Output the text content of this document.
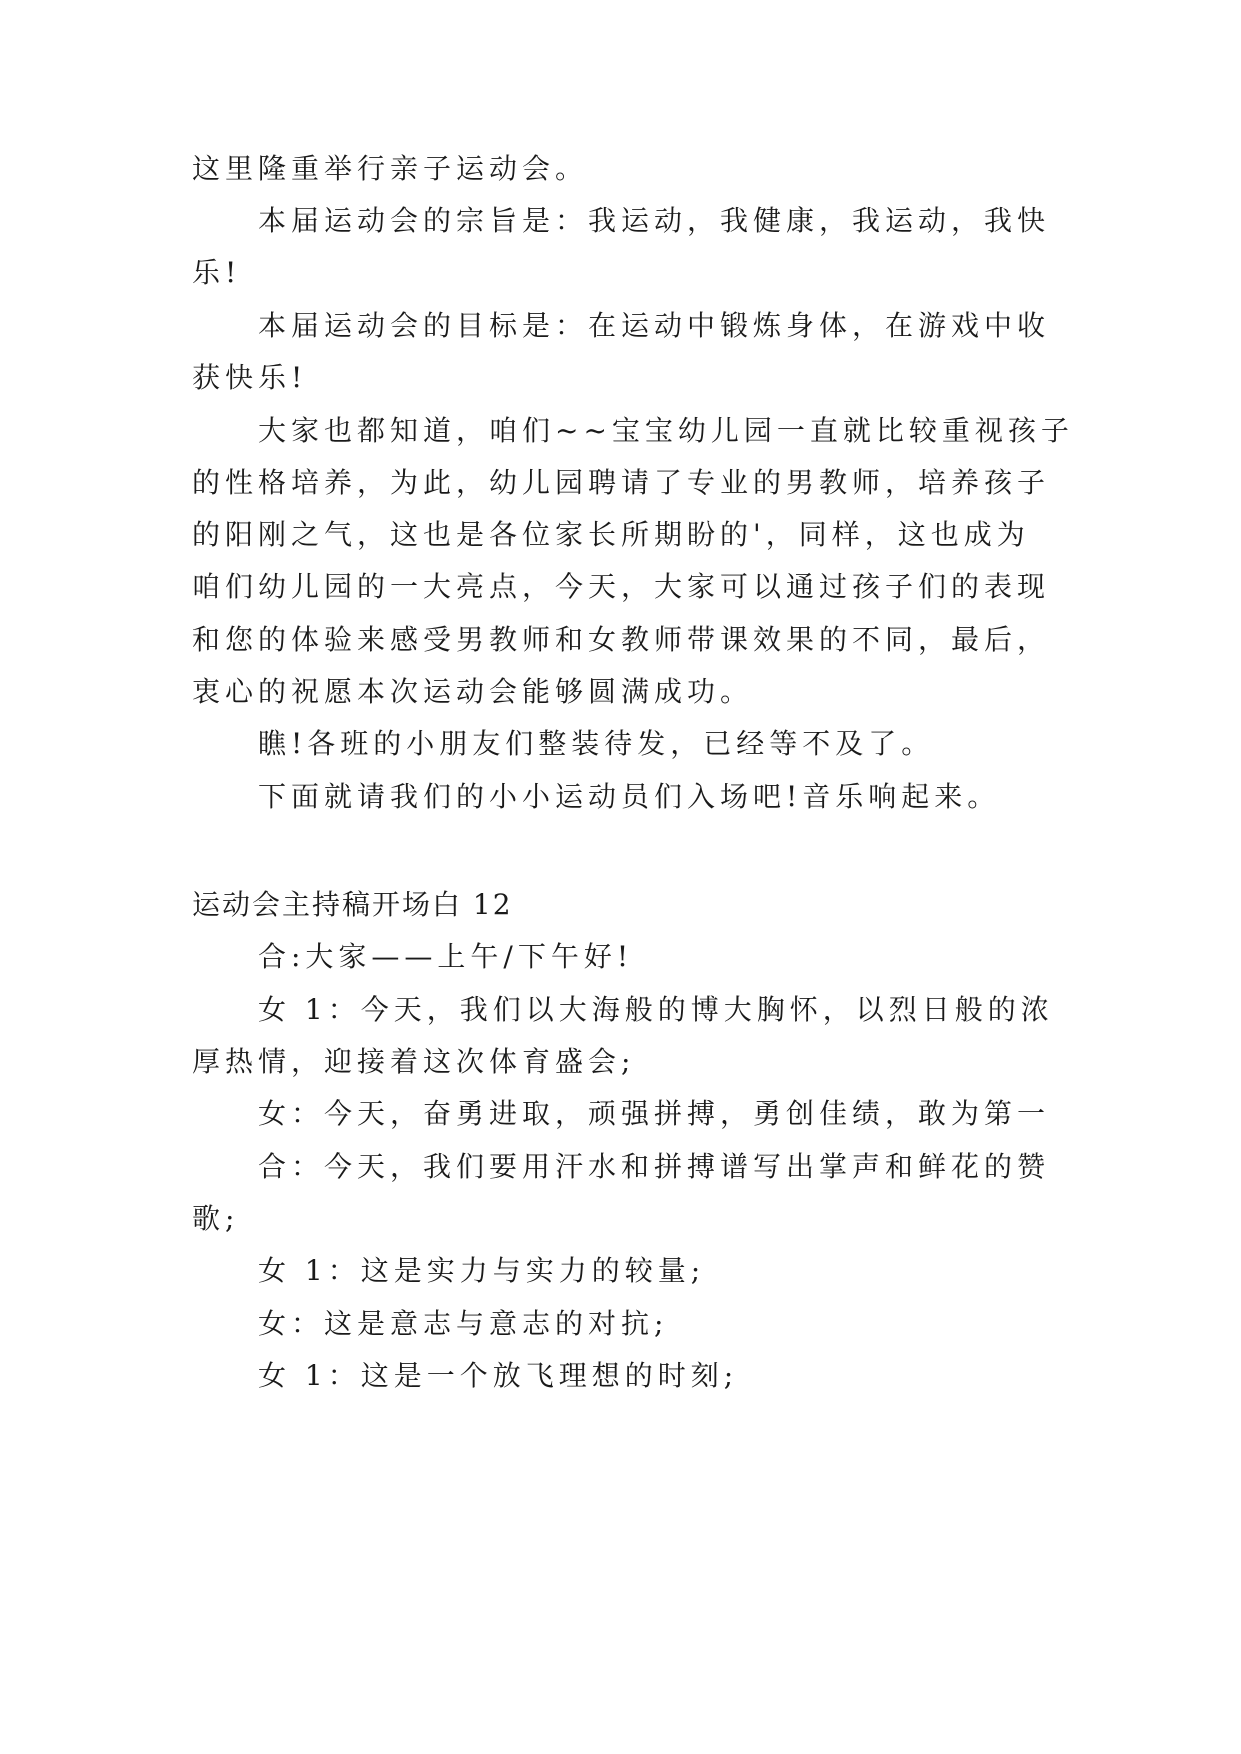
这里隆重举行亲子运动会。
本届运动会的宗旨是：我运动，我健康，我运动，我快
乐!
本届运动会的目标是：在运动中锻炼身体，在游戏中收
获快乐!
大家也都知道，咱们~~宝宝幼儿园一直就比较重视孩子
的性格培养，为此，幼儿园聘请了专业的男教师，培养孩子
的阳刚之气，这也是各位家长所期盼的'，同样，这也成为
咱们幼儿园的一大亮点，今天，大家可以通过孩子们的表现
和您的体验来感受男教师和女教师带课效果的不同，最后，
衷心的祝愿本次运动会能够圆满成功。
瞧!各班的小朋友们整装待发，已经等不及了。
下面就请我们的小小运动员们入场吧!音乐响起来。
运动会主持稿开场白 12
合:大家——上午/下午好!
女 1：今天，我们以大海般的博大胸怀，以烈日般的浓
厚热情，迎接着这次体育盛会;
女：今天，奋勇进取，顽强拼搏，勇创佳绩，敢为第一
合：今天，我们要用汗水和拼搏谱写出掌声和鲜花的赞
歌;
女 1：这是实力与实力的较量;
女：这是意志与意志的对抗;
女 1：这是一个放飞理想的时刻;
